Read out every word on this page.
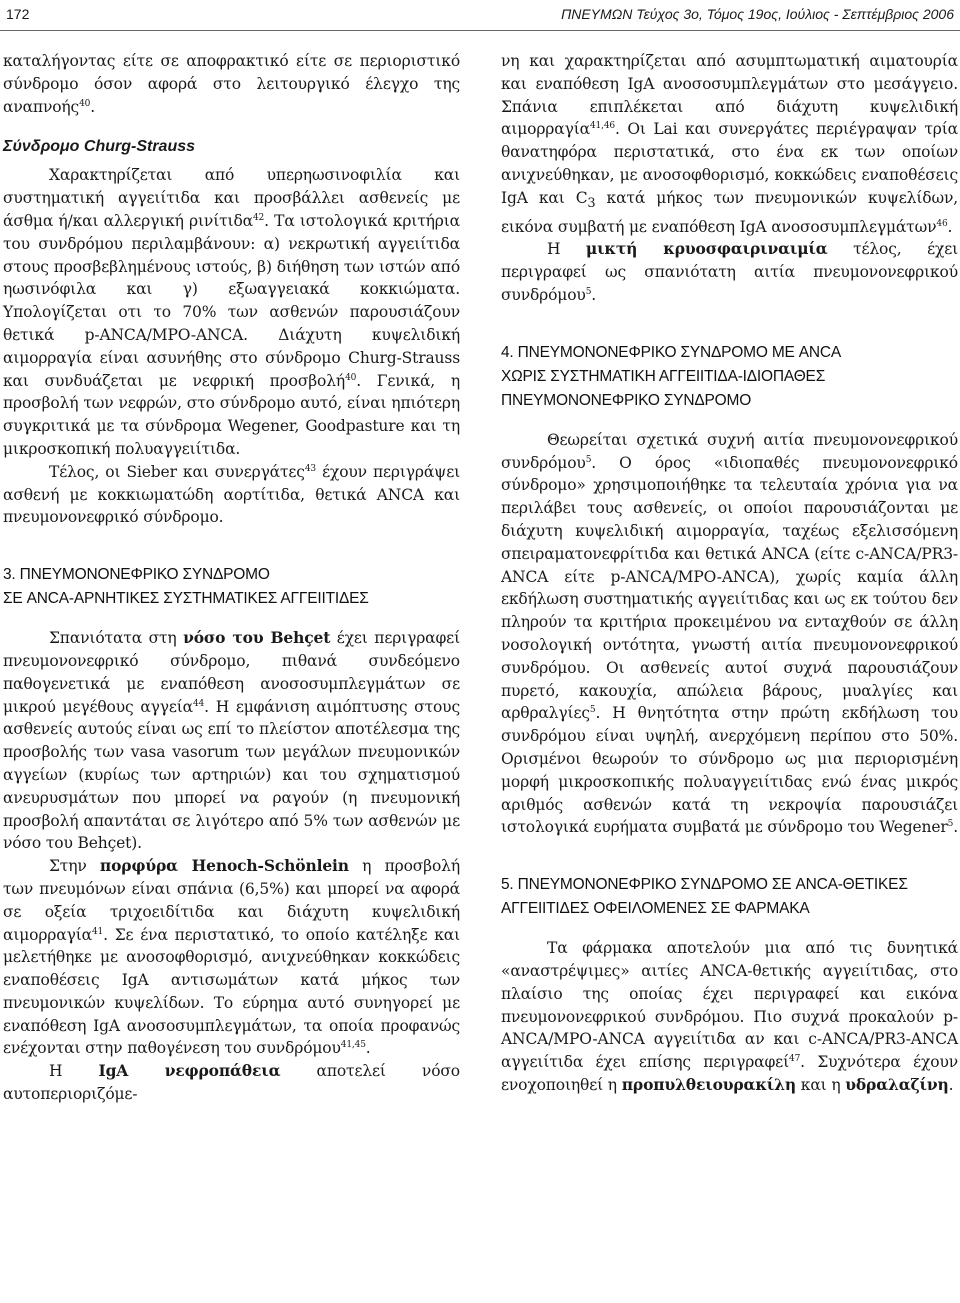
172	ΠΝΕΥΜΩΝ Τεύχος 3ο, Τόμος 19ος, Ιούλιος - Σεπτέμβριος 2006

καταλήγοντας είτε σε αποφρακτικό είτε σε περιοριστικό σύνδρομο όσον αφορά στο λειτουργικό έλεγχο της αναπνοής$^{40}$.

Σύνδρομο Churg-Strauss

Χαρακτηρίζεται από υπερηωσινοφιλία και συστηματική αγγειίτιδα και προσβάλλει ασθενείς με άσθμα ή/και αλλεργική ρινίτιδα$^{42}$. Τα ιστολογικά κριτήρια του συνδρόμου περιλαμβάνουν: α) νεκρωτική αγγειίτιδα στους προσβεβλημένους ιστούς, β) διήθηση των ιστών από ηωσινόφιλα και γ) εξωαγγειακά κοκκιώματα. Υπολογίζεται οτι το 70% των ασθενών παρουσιάζουν θετικά p-ANCA/MPO-ANCA. Διάχυτη κυψελιδική αιμορραγία είναι ασυνήθης στο σύνδρομο Churg-Strauss και συνδυάζεται με νεφρική προσβολή$^{40}$. Γενικά, η προσβολή των νεφρών, στο σύνδρομο αυτό, είναι ηπιότερη συγκριτικά με τα σύνδρομα Wegener, Goodpasture και τη μικροσκοπική πολυαγγειίτιδα.

Τέλος, οι Sieber και συνεργάτες$^{43}$ έχουν περιγράψει ασθενή με κοκκιωματώδη αορτίτιδα, θετικά ANCA και πνευμονονεφρικό σύνδρομο.

3. ΠΝΕΥΜΟΝΟΝΕΦΡΙΚΟ ΣΥΝΔΡΟΜΟ
ΣΕ ANCA-ΑΡΝΗΤΙΚΕΣ ΣΥΣΤΗΜΑΤΙΚΕΣ ΑΓΓΕΙΙΤΙΔΕΣ

Σπανιότατα στη νόσο του Behçet έχει περιγραφεί πνευμονονεφρικό σύνδρομο, πιθανά συνδεόμενο παθογενετικά με εναπόθεση ανοσοσυμπλεγμάτων σε μικρού μεγέθους αγγεία$^{44}$. Η εμφάνιση αιμόπτυσης στους ασθενείς αυτούς είναι ως επί το πλείστον αποτέλεσμα της προσβολής των vasa vasorum των μεγάλων πνευμονικών αγγείων (κυρίως των αρτηριών) και του σχηματισμού ανευρυσμάτων που μπορεί να ραγούν (η πνευμονική προσβολή απαντάται σε λιγότερο από 5% των ασθενών με νόσο του Behçet).

Στην πορφύρα Henoch-Schönlein η προσβολή των πνευμόνων είναι σπάνια (6,5%) και μπορεί να αφορά σε οξεία τριχοειδίτιδα και διάχυτη κυψελιδική αιμορραγία$^{41}$. Σε ένα περιστατικό, το οποίο κατέληξε και μελετήθηκε με ανοσοφθορισμό, ανιχνεύθηκαν κοκκώδεις εναποθέσεις IgA αντισωμάτων κατά μήκος των πνευμονικών κυψελίδων. Το εύρημα αυτό συνηγορεί με εναπόθεση IgA ανοσοσυμπλεγμάτων, τα οποία προφανώς ενέχονται στην παθογένεση του συνδρόμου$^{41,45}$.

Η IgA νεφροπάθεια αποτελεί νόσο αυτοπεριοριζόμε-

νη και χαρακτηρίζεται από ασυμπτωματική αιματουρία και εναπόθεση IgA ανοσοσυμπλεγμάτων στο μεσάγγειο. Σπάνια επιπλέκεται από διάχυτη κυψελιδική αιμορραγία$^{41,46}$. Οι Lai και συνεργάτες περιέγραψαν τρία θανατηφόρα περιστατικά, στο ένα εκ των οποίων ανιχνεύθηκαν, με ανοσοφθορισμό, κοκκώδεις εναποθέσεις IgA και $C_3$ κατά μήκος των πνευμονικών κυψελίδων, εικόνα συμβατή με εναπόθεση IgA ανοσοσυμπλεγμάτων$^{46}$.

Η μικτή κρυοσφαιριναιμία τέλος, έχει περιγραφεί ως σπανιότατη αιτία πνευμονονεφρικού συνδρόμου$^5$.

4. ΠΝΕΥΜΟΝΟΝΕΦΡΙΚΟ ΣΥΝΔΡΟΜΟ ΜΕ ANCA
ΧΩΡΙΣ ΣΥΣΤΗΜΑΤΙΚΗ ΑΓΓΕΙΙΤΙΔΑ-ΙΔΙΟΠΑΘΕΣ
ΠΝΕΥΜΟΝΟΝΕΦΡΙΚΟ ΣΥΝΔΡΟΜΟ

Θεωρείται σχετικά συχνή αιτία πνευμονονεφρικού συνδρόμου$^5$. Ο όρος «ιδιοπαθές πνευμονονεφρικό σύνδρομο» χρησιμοποιήθηκε τα τελευταία χρόνια για να περιλάβει τους ασθενείς, οι οποίοι παρουσιάζονται με διάχυτη κυψελιδική αιμορραγία, ταχέως εξελισσόμενη σπειραματονεφρίτιδα και θετικά ANCA (είτε c-ANCA/PR3-ANCA είτε p-ANCA/MPO-ANCA), χωρίς καμία άλλη εκδήλωση συστηματικής αγγειίτιδας και ως εκ τούτου δεν πληρούν τα κριτήρια προκειμένου να ενταχθούν σε άλλη νοσολογική οντότητα, γνωστή αιτία πνευμονονεφρικού συνδρόμου. Οι ασθενείς αυτοί συχνά παρουσιάζουν πυρετό, κακουχία, απώλεια βάρους, μυαλγίες και αρθραλγίες$^5$. Η θνητότητα στην πρώτη εκδήλωση του συνδρόμου είναι υψηλή, ανερχόμενη περίπου στο 50%. Ορισμένοι θεωρούν το σύνδρομο ως μια περιορισμένη μορφή μικροσκοπικής πολυαγγειίτιδας ενώ ένας μικρός αριθμός ασθενών κατά τη νεκροψία παρουσιάζει ιστολογικά ευρήματα συμβατά με σύνδρομο του Wegener$^5$.

5. ΠΝΕΥΜΟΝΟΝΕΦΡΙΚΟ ΣΥΝΔΡΟΜΟ ΣΕ ANCA-ΘΕΤΙΚΕΣ
ΑΓΓΕΙΙΤΙΔΕΣ ΟΦΕΙΛΟΜΕΝΕΣ ΣΕ ΦΑΡΜΑΚΑ

Τα φάρμακα αποτελούν μια από τις δυνητικά «αναστρέψιμες» αιτίες ANCA-θετικής αγγειίτιδας, στο πλαίσιο της οποίας έχει περιγραφεί και εικόνα πνευμονονεφρικού συνδρόμου. Πιο συχνά προκαλούν p-ANCA/MPO-ANCA αγγειίτιδα αν και c-ANCA/PR3-ANCA αγγειίτιδα έχει επίσης περιγραφεί$^{47}$. Συχνότερα έχουν ενοχοποιηθεί η προπυλθειουρακίλη και η υδραλαζίνη.
